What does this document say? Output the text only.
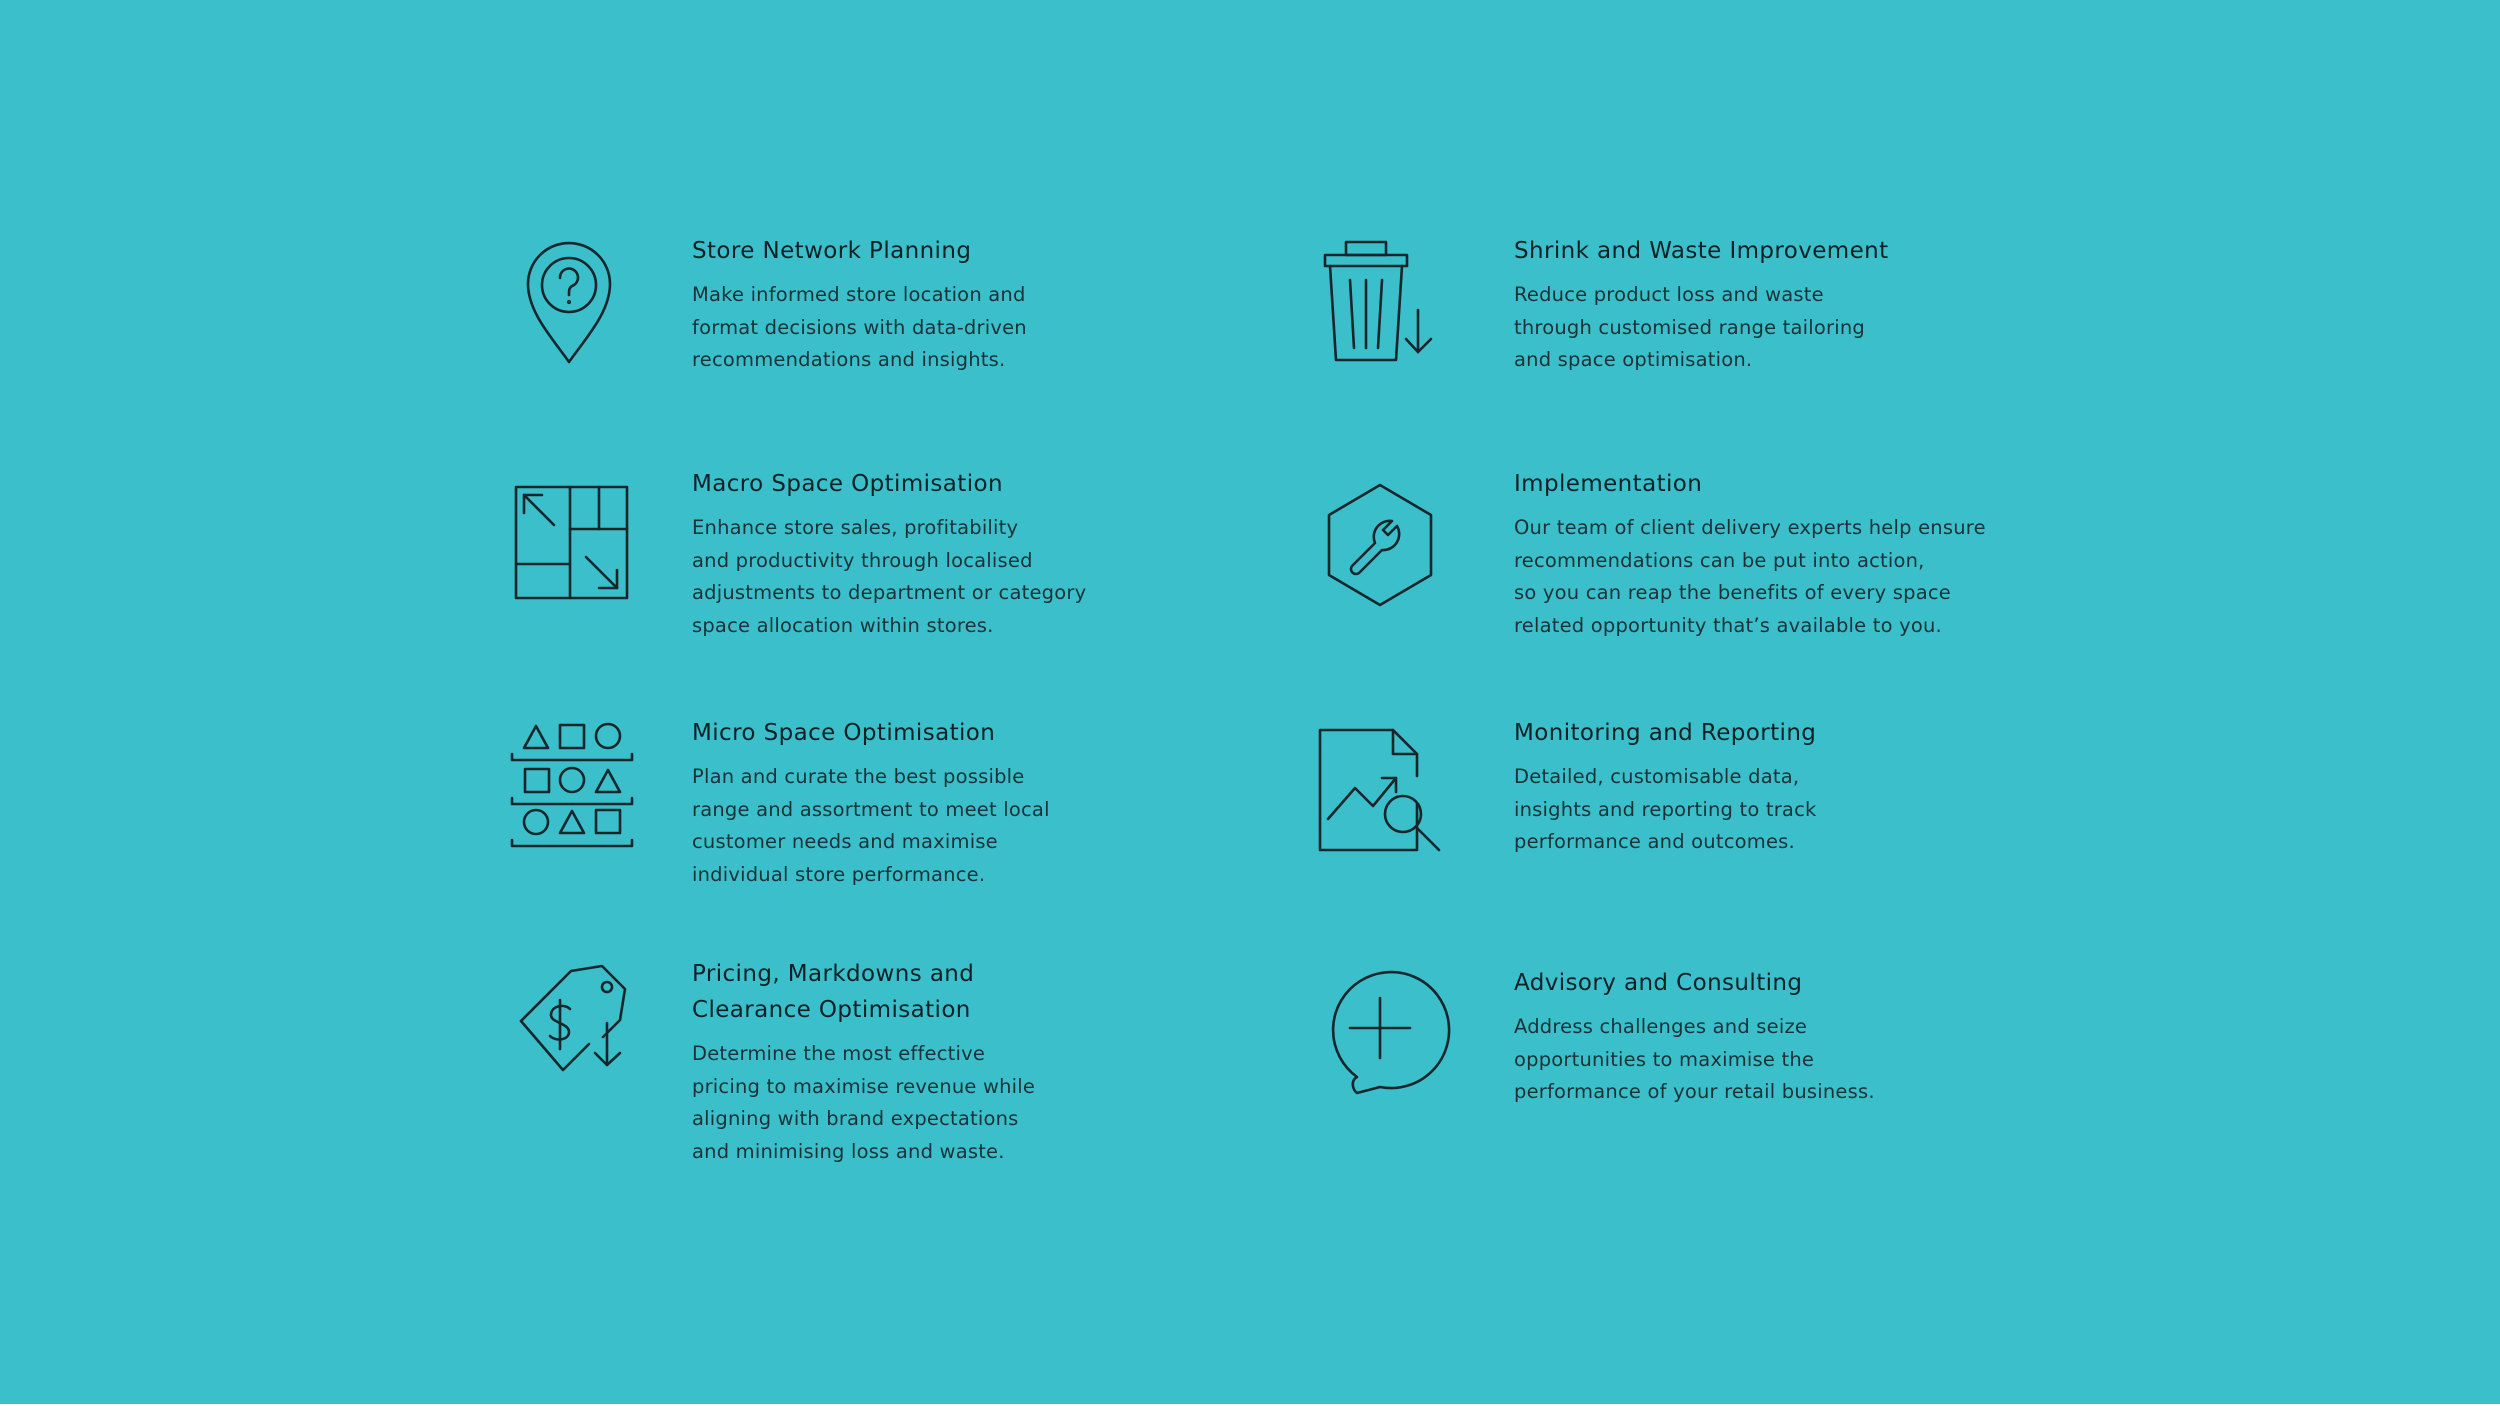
Store Network Planning
Make informed store location and
format decisions with data-driven
recommendations and insights.
Shrink and Waste Improvement
Reduce product loss and waste
through customised range tailoring
and space optimisation.
Macro Space Optimisation
Enhance store sales, profitability
and productivity through localised
adjustments to department or category
space allocation within stores.
Implementation
Our team of client delivery experts help ensure
recommendations can be put into action,
so you can reap the benefits of every space
related opportunity that’s available to you.
Micro Space Optimisation
Plan and curate the best possible
range and assortment to meet local
customer needs and maximise
individual store performance.
Monitoring and Reporting
Detailed, customisable data,
insights and reporting to track
performance and outcomes.
Pricing, Markdowns and
Clearance Optimisation
Determine the most effective
pricing to maximise revenue while
aligning with brand expectations
and minimising loss and waste.
Advisory and Consulting
Address challenges and seize
opportunities to maximise the
performance of your retail business.
